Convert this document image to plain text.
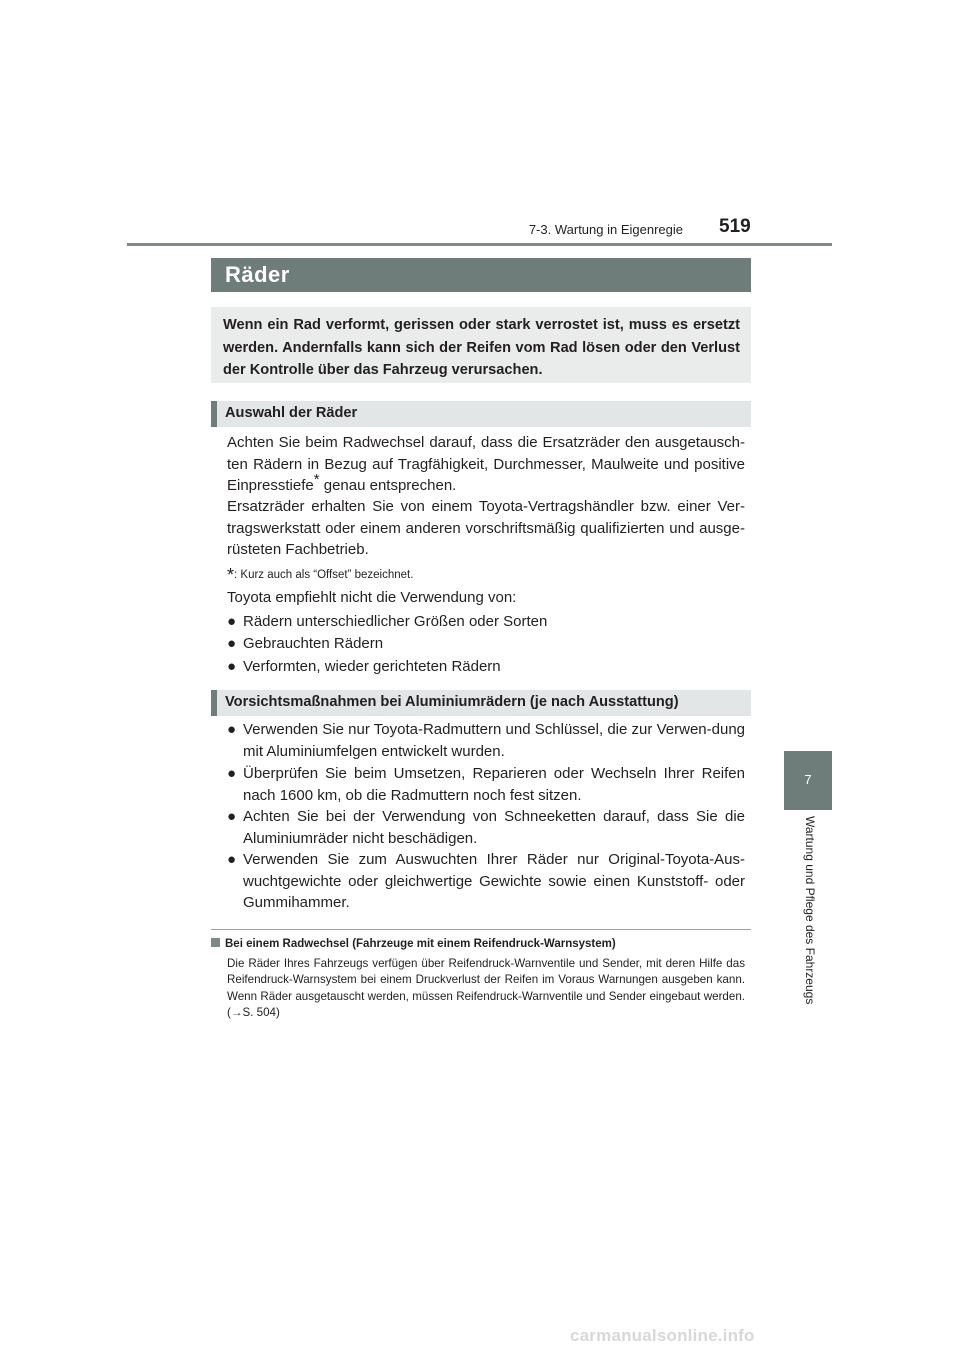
7-3. Wartung in Eigenregie 519
7
Wartung und Pflege des Fahrzeugs
Räder
Wenn ein Rad verformt, gerissen oder stark verrostet ist, muss es ersetzt werden. Andernfalls kann sich der Reifen vom Rad lösen oder den Verlust der Kontrolle über das Fahrzeug verursachen.
Auswahl der Räder
Achten Sie beim Radwechsel darauf, dass die Ersatzräder den ausgetausch-ten Rädern in Bezug auf Tragfähigkeit, Durchmesser, Maulweite und positive Einpresstiefe* genau entsprechen.
Ersatzräder erhalten Sie von einem Toyota-Vertragshändler bzw. einer Ver-tragswerkstatt oder einem anderen vorschriftsmäßig qualifizierten und ausge-rüsteten Fachbetrieb.
*: Kurz auch als “Offset” bezeichnet.
Toyota empfiehlt nicht die Verwendung von:
● Rädern unterschiedlicher Größen oder Sorten
● Gebrauchten Rädern
● Verformten, wieder gerichteten Rädern
Vorsichtsmaßnahmen bei Aluminiumrädern (je nach Ausstattung)
● Verwenden Sie nur Toyota-Radmuttern und Schlüssel, die zur Verwen-dung mit Aluminiumfelgen entwickelt wurden.
● Überprüfen Sie beim Umsetzen, Reparieren oder Wechseln Ihrer Reifen nach 1600 km, ob die Radmuttern noch fest sitzen.
● Achten Sie bei der Verwendung von Schneeketten darauf, dass Sie die Aluminiumräder nicht beschädigen.
● Verwenden Sie zum Auswuchten Ihrer Räder nur Original-Toyota-Aus-wuchtgewichte oder gleichwertige Gewichte sowie einen Kunststoff- oder Gummihammer.
Bei einem Radwechsel (Fahrzeuge mit einem Reifendruck-Warnsystem)
Die Räder Ihres Fahrzeugs verfügen über Reifendruck-Warnventile und Sender, mit deren Hilfe das Reifendruck-Warnsystem bei einem Druckverlust der Reifen im Voraus Warnungen ausgeben kann. Wenn Räder ausgetauscht werden, müssen Reifendruck-Warnventile und Sender eingebaut werden. (→S. 504)
carmanualsonline.info
